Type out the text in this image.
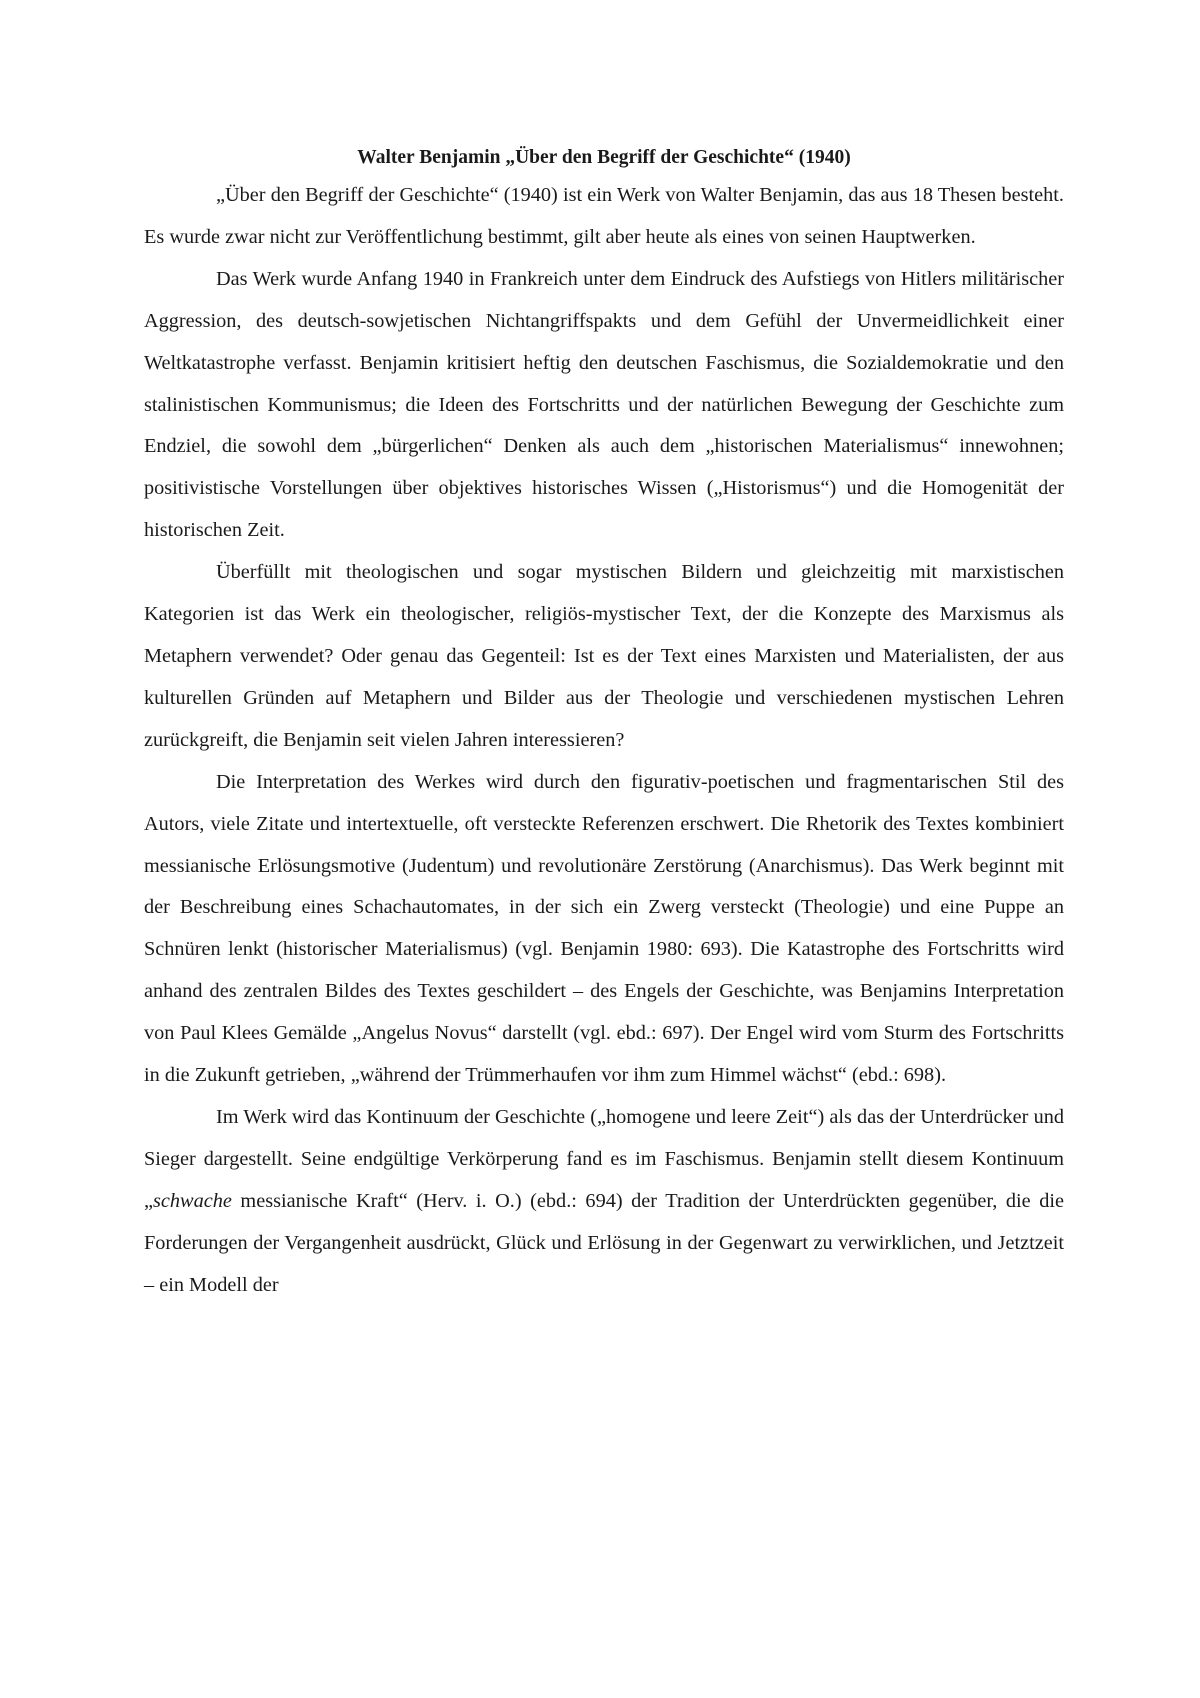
Walter Benjamin „Über den Begriff der Geschichte“ (1940)

„Über den Begriff der Geschichte“ (1940) ist ein Werk von Walter Benjamin, das aus 18 Thesen besteht. Es wurde zwar nicht zur Veröffentlichung bestimmt, gilt aber heute als eines von seinen Hauptwerken.

Das Werk wurde Anfang 1940 in Frankreich unter dem Eindruck des Aufstiegs von Hitlers militärischer Aggression, des deutsch-sowjetischen Nichtangriffspakts und dem Gefühl der Unvermeidlichkeit einer Weltkatastrophe verfasst. Benjamin kritisiert heftig den deutschen Faschismus, die Sozialdemokratie und den stalinistischen Kommunismus; die Ideen des Fortschritts und der natürlichen Bewegung der Geschichte zum Endziel, die sowohl dem „bürgerlichen“ Denken als auch dem „historischen Materialismus“ innewohnen; positivistische Vorstellungen über objektives historisches Wissen („Historismus“) und die Homogenität der historischen Zeit.

Überfüllt mit theologischen und sogar mystischen Bildern und gleichzeitig mit marxistischen Kategorien ist das Werk ein theologischer, religiös-mystischer Text, der die Konzepte des Marxismus als Metaphern verwendet? Oder genau das Gegenteil: Ist es der Text eines Marxisten und Materialisten, der aus kulturellen Gründen auf Metaphern und Bilder aus der Theologie und verschiedenen mystischen Lehren zurückgreift, die Benjamin seit vielen Jahren interessieren?

Die Interpretation des Werkes wird durch den figurativ-poetischen und fragmentarischen Stil des Autors, viele Zitate und intertextuelle, oft versteckte Referenzen erschwert. Die Rhetorik des Textes kombiniert messianische Erlösungsmotive (Judentum) und revolutionäre Zerstörung (Anarchismus). Das Werk beginnt mit der Beschreibung eines Schachautomates, in der sich ein Zwerg versteckt (Theologie) und eine Puppe an Schnüren lenkt (historischer Materialismus) (vgl. Benjamin 1980: 693). Die Katastrophe des Fortschritts wird anhand des zentralen Bildes des Textes geschildert – des Engels der Geschichte, was Benjamins Interpretation von Paul Klees Gemälde „Angelus Novus“ darstellt (vgl. ebd.: 697). Der Engel wird vom Sturm des Fortschritts in die Zukunft getrieben, „während der Trümmerhaufen vor ihm zum Himmel wächst“ (ebd.: 698).

Im Werk wird das Kontinuum der Geschichte („homogene und leere Zeit“) als das der Unterdrücker und Sieger dargestellt. Seine endgültige Verkörperung fand es im Faschismus. Benjamin stellt diesem Kontinuum „schwache messianische Kraft“ (Herv. i. O.) (ebd.: 694) der Tradition der Unterdrückten gegenüber, die die Forderungen der Vergangenheit ausdrückt, Glück und Erlösung in der Gegenwart zu verwirklichen, und Jetztzeit – ein Modell der
